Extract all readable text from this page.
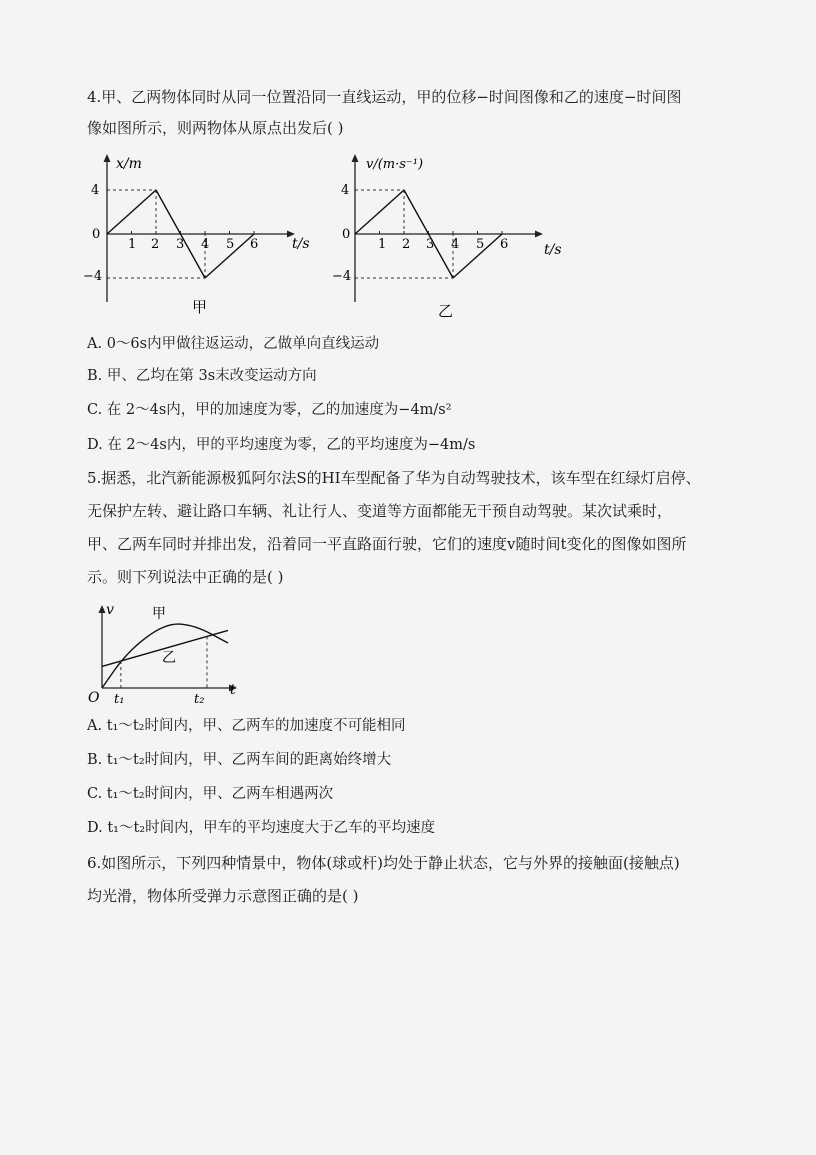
4.甲、乙两物体同时从同一位置沿同一直线运动，甲的位移−时间图像和乙的速度−时间图
像如图所示，则两物体从原点出发后( )
x/m
t/s
4
0
−4
1 2 3 4 5 6
甲
v/(m·s⁻¹)
t/s
4
0
−4
1 2 3 4 5 6
乙
A. 0～6s内甲做往返运动，乙做单向直线运动
B. 甲、乙均在第 3s末改变运动方向
C. 在 2～4s内，甲的加速度为零，乙的加速度为−4m/s²
D. 在 2～4s内，甲的平均速度为零，乙的平均速度为−4m/s
5.据悉，北汽新能源极狐阿尔法S的HI车型配备了华为自动驾驶技术，该车型在红绿灯启停、
无保护左转、避让路口车辆、礼让行人、变道等方面都能无干预自动驾驶。某次试乘时，
甲、乙两车同时并排出发，沿着同一平直路面行驶，它们的速度v随时间t变化的图像如图所
示。则下列说法中正确的是( )
v
t
O t₁	t₂
甲
乙
A. t₁～t₂时间内，甲、乙两车的加速度不可能相同
B. t₁～t₂时间内，甲、乙两车间的距离始终增大
C. t₁～t₂时间内，甲、乙两车相遇两次
D. t₁～t₂时间内，甲车的平均速度大于乙车的平均速度
6.如图所示，下列四种情景中，物体(球或杆)均处于静止状态，它与外界的接触面(接触点)
均光滑，物体所受弹力示意图正确的是( )
